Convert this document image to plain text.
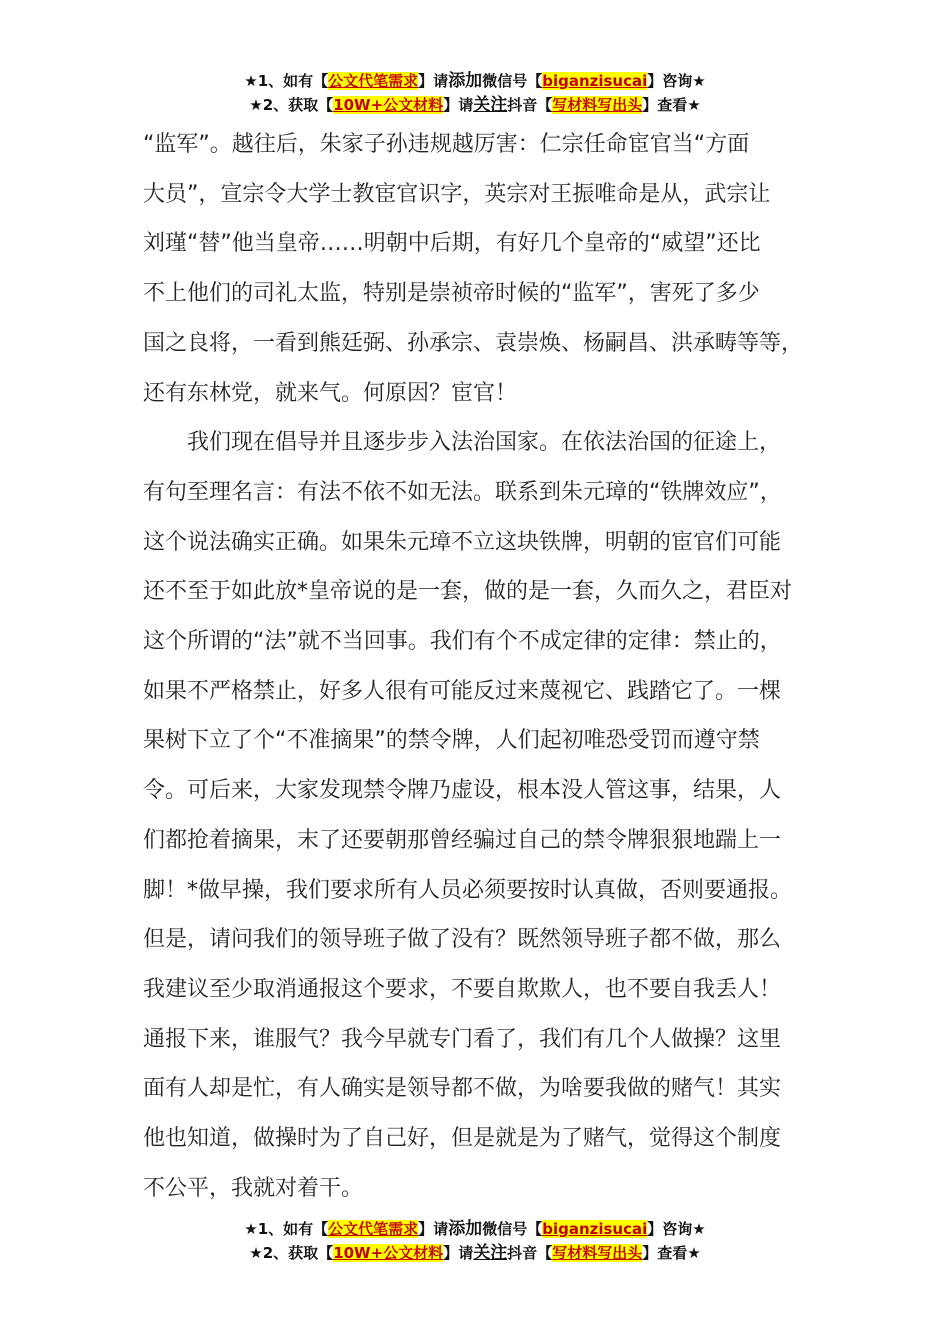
★1、如有【公文代笔需求】请添加微信号【biganzisucai】咨询★
★2、获取【10W+公文材料】请关注抖音【写材料写出头】查看★
“监军”。越往后，朱家子孙违规越厉害：仁宗任命宦官当“方面
大员”，宣宗令大学士教宦官识字，英宗对王振唯命是从，武宗让
刘瑾“替”他当皇帝……明朝中后期，有好几个皇帝的“威望”还比
不上他们的司礼太监，特别是崇祯帝时候的“监军”，害死了多少
国之良将，一看到熊廷弼、孙承宗、袁崇焕、杨嗣昌、洪承畴等等，
还有东林党，就来气。何原因？宦官！
我们现在倡导并且逐步步入法治国家。在依法治国的征途上，
有句至理名言：有法不依不如无法。联系到朱元璋的“铁牌效应”，
这个说法确实正确。如果朱元璋不立这块铁牌，明朝的宦官们可能
还不至于如此放*皇帝说的是一套，做的是一套，久而久之，君臣对
这个所谓的“法”就不当回事。我们有个不成定律的定律：禁止的，
如果不严格禁止，好多人很有可能反过来蔑视它、践踏它了。一棵
果树下立了个“不准摘果”的禁令牌，人们起初唯恐受罚而遵守禁
令。可后来，大家发现禁令牌乃虚设，根本没人管这事，结果，人
们都抢着摘果，末了还要朝那曾经骗过自己的禁令牌狠狠地踹上一
脚！*做早操，我们要求所有人员必须要按时认真做，否则要通报。
但是，请问我们的领导班子做了没有？既然领导班子都不做，那么
我建议至少取消通报这个要求，不要自欺欺人，也不要自我丢人！
通报下来，谁服气？我今早就专门看了，我们有几个人做操？这里
面有人却是忙，有人确实是领导都不做，为啥要我做的赌气！其实
他也知道，做操时为了自己好，但是就是为了赌气，觉得这个制度
不公平，我就对着干。
★1、如有【公文代笔需求】请添加微信号【biganzisucai】咨询★
★2、获取【10W+公文材料】请关注抖音【写材料写出头】查看★
